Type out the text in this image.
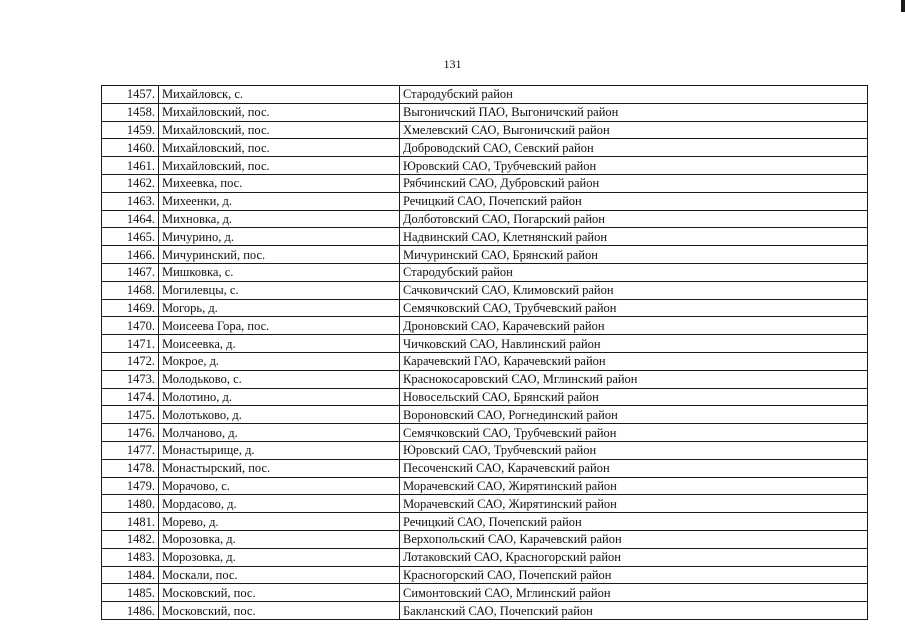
131
1457.	Михайловск, с.	Стародубский район
1458.	Михайловский, пос.	Выгоничский ПАО, Выгоничский район
1459.	Михайловский, пос.	Хмелевский САО, Выгоничский район
1460.	Михайловский, пос.	Доброводский САО, Севский район
1461.	Михайловский, пос.	Юровский САО, Трубчевский район
1462.	Михеевка, пос.	Рябчинский САО, Дубровский район
1463.	Михеенки, д.	Речицкий САО, Почепский район
1464.	Михновка, д.	Долботовский САО, Погарский район
1465.	Мичурино, д.	Надвинский САО, Клетнянский район
1466.	Мичуринский, пос.	Мичуринский САО, Брянский район
1467.	Мишковка, с.	Стародубский район
1468.	Могилевцы, с.	Сачковичский САО, Климовский район
1469.	Могорь, д.	Семячковский САО, Трубчевский район
1470.	Моисеева Гора, пос.	Дроновский САО, Карачевский район
1471.	Моисеевка, д.	Чичковский САО, Навлинский район
1472.	Мокрое, д.	Карачевский ГАО, Карачевский район
1473.	Молодьково, с.	Краснокосаровский САО, Мглинский район
1474.	Молотино, д.	Новосельский САО, Брянский район
1475.	Молотьково, д.	Вороновский САО, Рогнединский район
1476.	Молчаново, д.	Семячковский САО, Трубчевский район
1477.	Монастырище, д.	Юровский САО, Трубчевский район
1478.	Монастырский, пос.	Песоченский САО, Карачевский район
1479.	Морачово, с.	Морачевский САО, Жирятинский район
1480.	Мордасово, д.	Морачевский САО, Жирятинский район
1481.	Морево, д.	Речицкий САО, Почепский район
1482.	Морозовка, д.	Верхопольский САО, Карачевский район
1483.	Морозовка, д.	Лотаковский САО, Красногорский район
1484.	Москали, пос.	Красногорский САО, Почепский район
1485.	Московский, пос.	Симонтовский САО, Мглинский район
1486.	Московский, пос.	Бакланский САО, Почепский район
